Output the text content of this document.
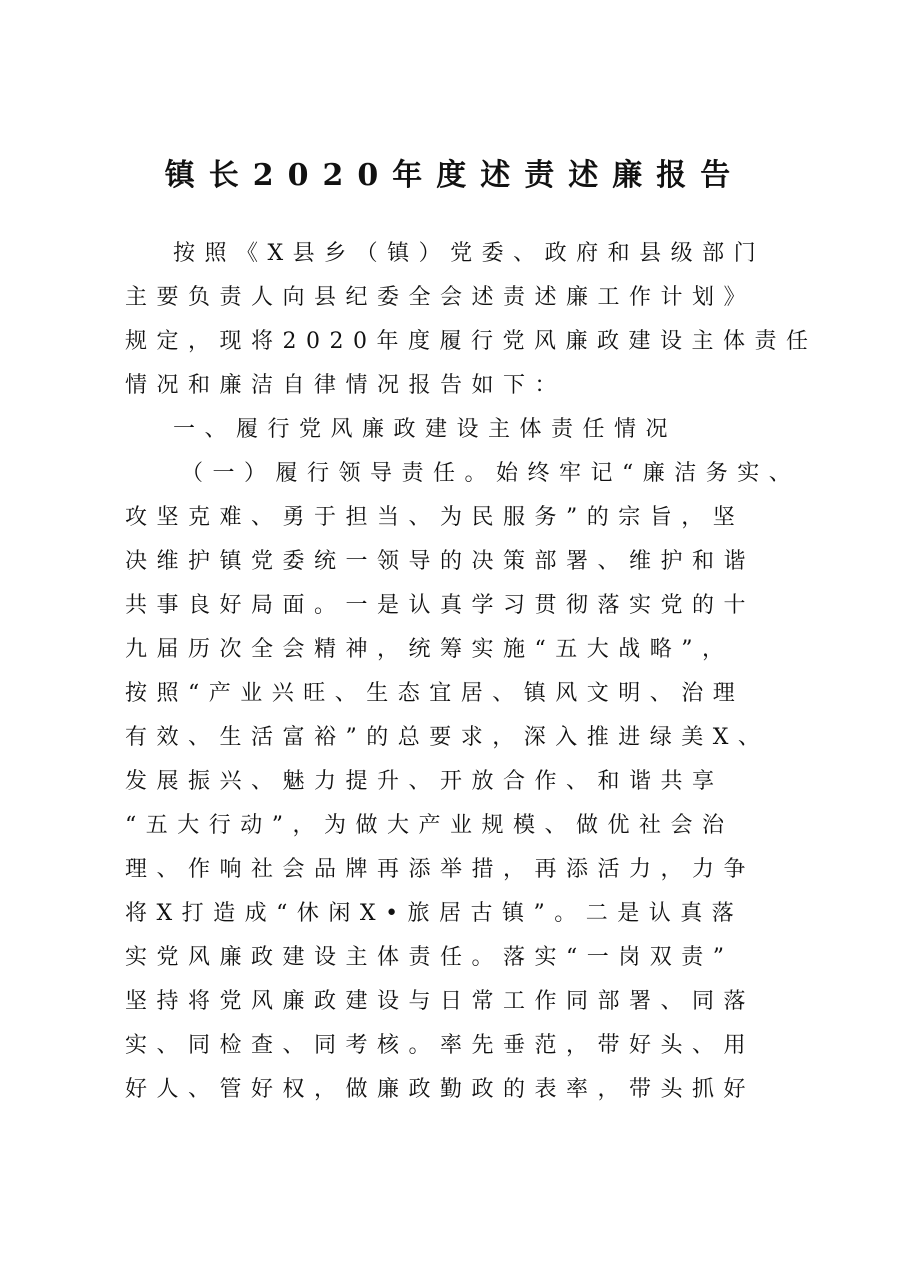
镇长2020年度述责述廉报告
按照《X县乡（镇）党委、政府和县级部门
主要负责人向县纪委全会述责述廉工作计划》
规定，现将2020年度履行党风廉政建设主体责任
情况和廉洁自律情况报告如下：
一、履行党风廉政建设主体责任情况
（一）履行领导责任。始终牢记“廉洁务实、
攻坚克难、勇于担当、为民服务”的宗旨，坚
决维护镇党委统一领导的决策部署、维护和谐
共事良好局面。一是认真学习贯彻落实党的十
九届历次全会精神，统筹实施“五大战略”，
按照“产业兴旺、生态宜居、镇风文明、治理
有效、生活富裕”的总要求，深入推进绿美X、
发展振兴、魅力提升、开放合作、和谐共享
“五大行动”，为做大产业规模、做优社会治
理、作响社会品牌再添举措，再添活力，力争
将X打造成“休闲X•旅居古镇”。二是认真落
实党风廉政建设主体责任。落实“一岗双责”
坚持将党风廉政建设与日常工作同部署、同落
实、同检查、同考核。率先垂范，带好头、用
好人、管好权，做廉政勤政的表率，带头抓好
